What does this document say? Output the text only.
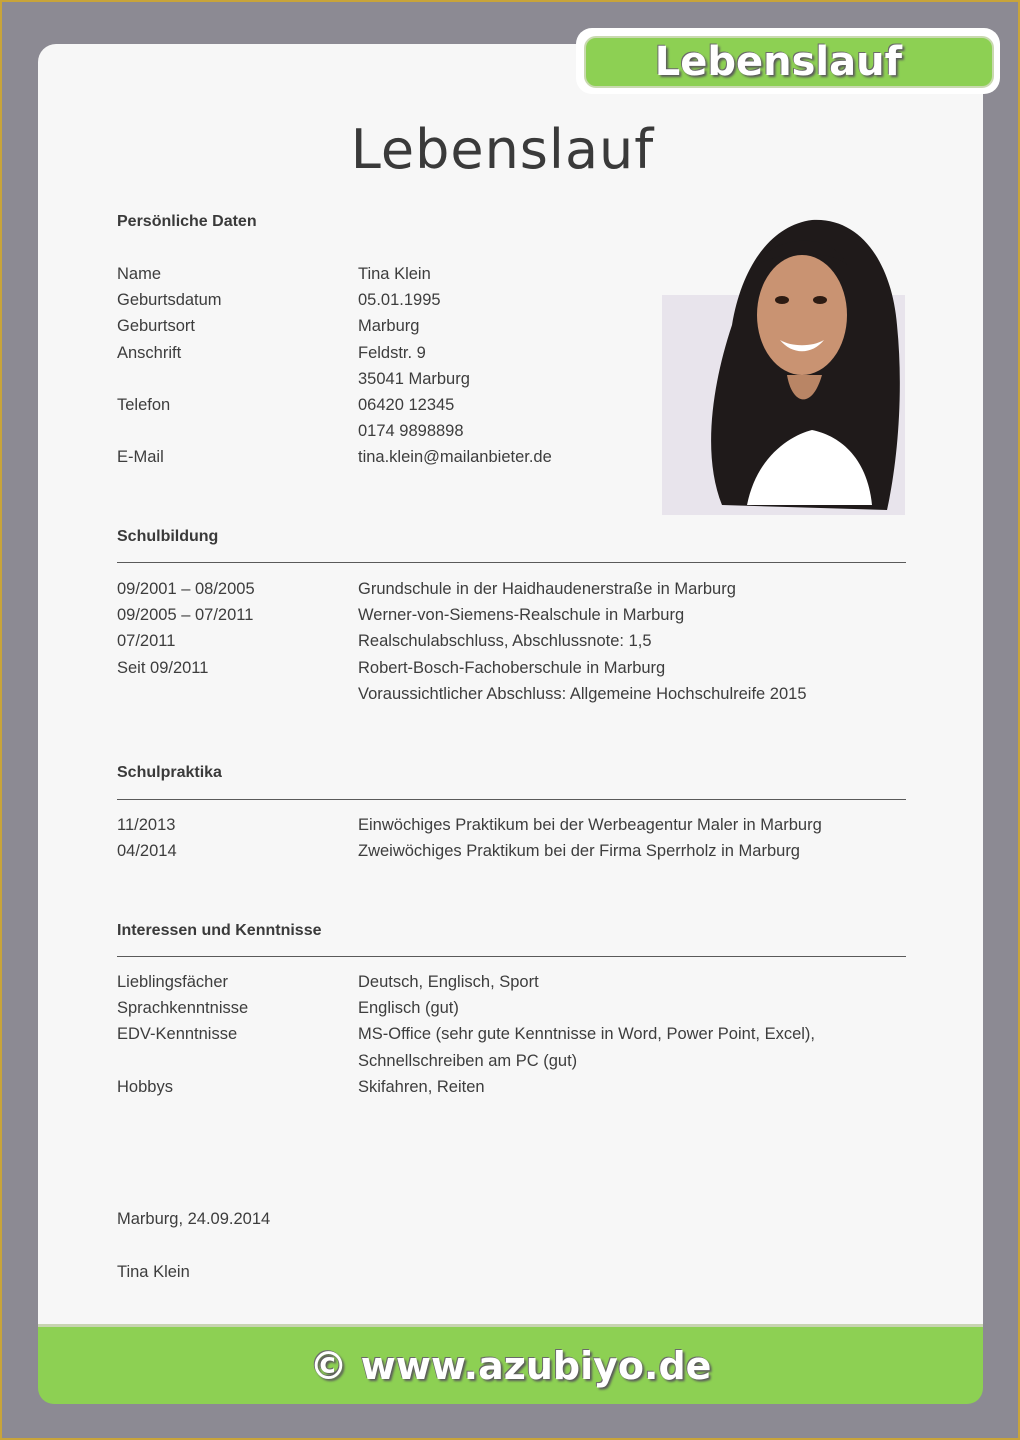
Lebenslauf
Lebenslauf
Persönliche Daten
Name	Tina Klein
Geburtsdatum	05.01.1995
Geburtsort	Marburg
Anschrift	Feldstr. 9
35041 Marburg
Telefon	06420 12345
0174 9898898
E-Mail	tina.klein@mailanbieter.de
Schulbildung
09/2001 – 08/2005	Grundschule in der Haidhaudenerstraße in Marburg
09/2005 – 07/2011	Werner-von-Siemens-Realschule in Marburg
07/2011	Realschulabschluss, Abschlussnote: 1,5
Seit 09/2011	Robert-Bosch-Fachoberschule in Marburg
Voraussichtlicher Abschluss: Allgemeine Hochschulreife 2015
Schulpraktika
11/2013	Einwöchiges Praktikum bei der Werbeagentur Maler in Marburg
04/2014	Zweiwöchiges Praktikum bei der Firma Sperrholz in Marburg
Interessen und Kenntnisse
Lieblingsfächer	Deutsch, Englisch, Sport
Sprachkenntnisse	Englisch (gut)
EDV-Kenntnisse	MS-Office (sehr gute Kenntnisse in Word, Power Point, Excel),
Schnellschreiben am PC (gut)
Hobbys	Skifahren, Reiten
Marburg, 24.09.2014
Tina Klein
© www.azubiyo.de
